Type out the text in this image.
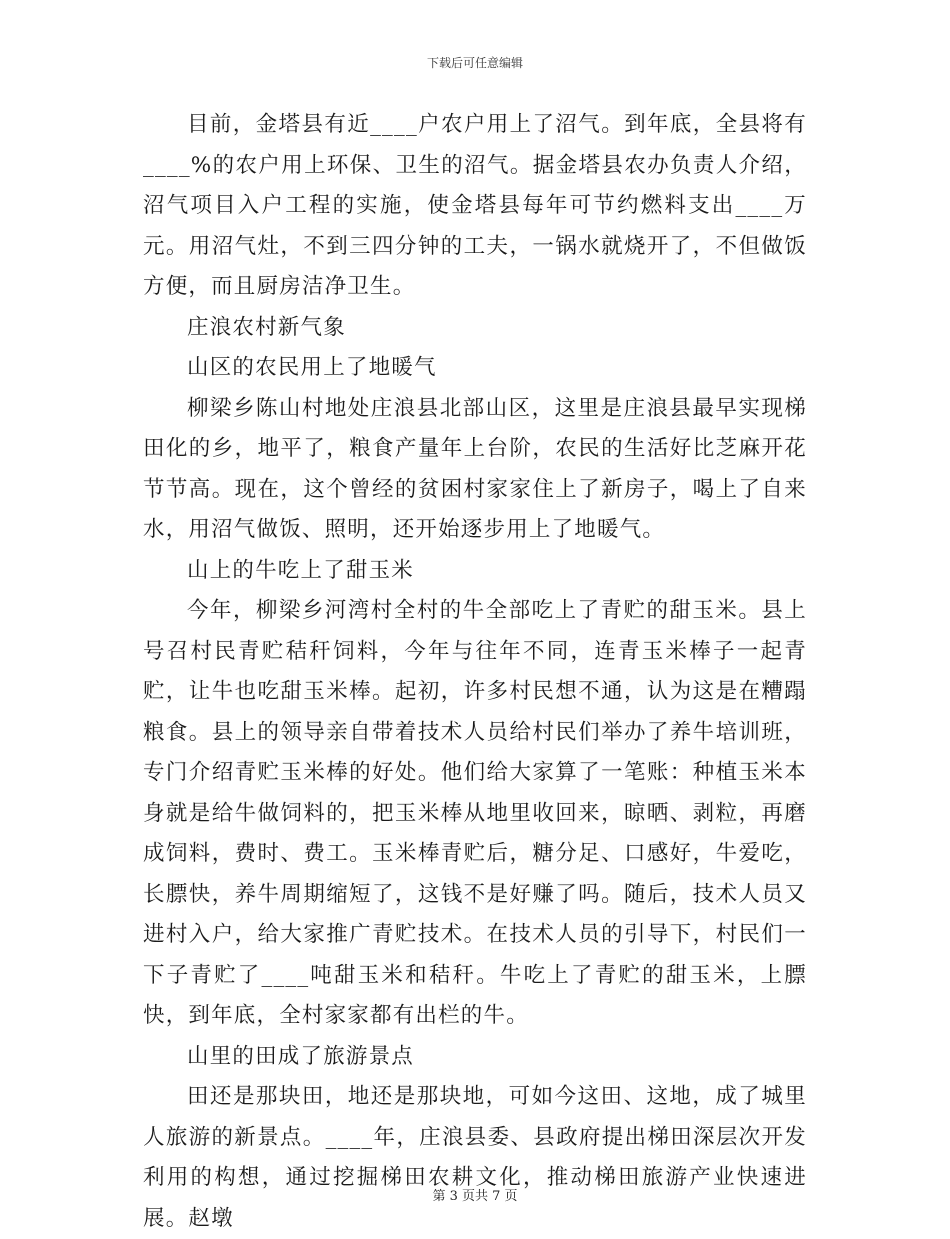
下载后可任意编辑

目前，金塔县有近____户农户用上了沼气。到年底，全县将有____%的农户用上环保、卫生的沼气。据金塔县农办负责人介绍，沼气项目入户工程的实施，使金塔县每年可节约燃料支出____万元。用沼气灶，不到三四分钟的工夫，一锅水就烧开了，不但做饭方便，而且厨房洁净卫生。

庄浪农村新气象

山区的农民用上了地暖气

柳梁乡陈山村地处庄浪县北部山区，这里是庄浪县最早实现梯田化的乡，地平了，粮食产量年上台阶，农民的生活好比芝麻开花节节高。现在，这个曾经的贫困村家家住上了新房子，喝上了自来水，用沼气做饭、照明，还开始逐步用上了地暖气。

山上的牛吃上了甜玉米

今年，柳梁乡河湾村全村的牛全部吃上了青贮的甜玉米。县上号召村民青贮秸秆饲料，今年与往年不同，连青玉米棒子一起青贮，让牛也吃甜玉米棒。起初，许多村民想不通，认为这是在糟蹋粮食。县上的领导亲自带着技术人员给村民们举办了养牛培训班，专门介绍青贮玉米棒的好处。他们给大家算了一笔账：种植玉米本身就是给牛做饲料的，把玉米棒从地里收回来，晾晒、剥粒，再磨成饲料，费时、费工。玉米棒青贮后，糖分足、口感好，牛爱吃，长膘快，养牛周期缩短了，这钱不是好赚了吗。随后，技术人员又进村入户，给大家推广青贮技术。在技术人员的引导下，村民们一下子青贮了____吨甜玉米和秸秆。牛吃上了青贮的甜玉米，上膘快，到年底，全村家家都有出栏的牛。

山里的田成了旅游景点

田还是那块田，地还是那块地，可如今这田、这地，成了城里人旅游的新景点。____年，庄浪县委、县政府提出梯田深层次开发利用的构想，通过挖掘梯田农耕文化，推动梯田旅游产业快速进展。赵墩

第 3 页共 7 页
